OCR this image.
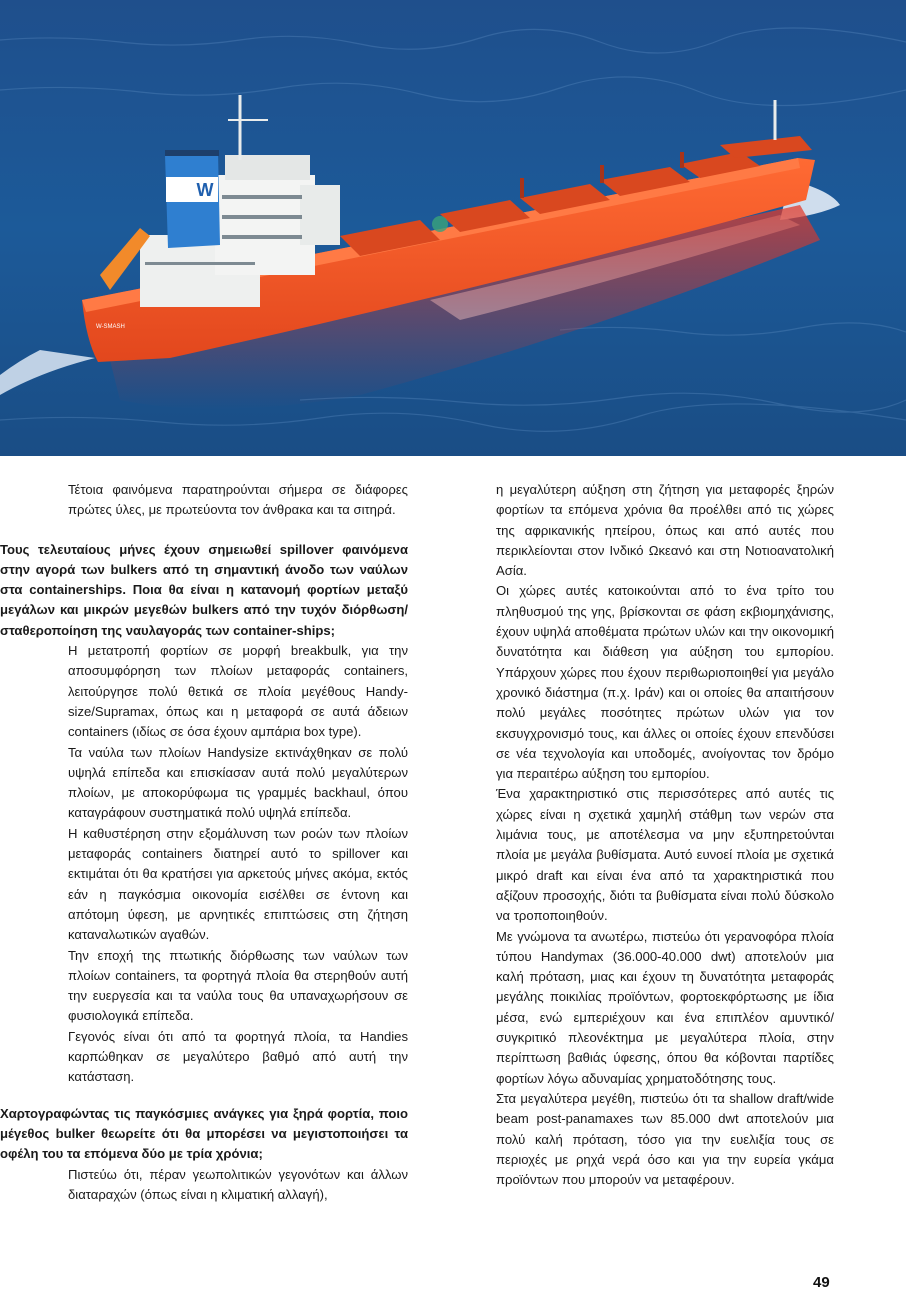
W
W-SMASH

Τέτοια φαινόμενα παρατηρούνται σήμερα σε διάφορες πρώτες ύλες, με πρωτεύοντα τον άνθρακα και τα σιτηρά.

Τους τελευταίους μήνες έχουν σημειωθεί spillover φαινόμενα στην αγορά των bulkers από τη σημαντική άνοδο των ναύλων στα containerships. Ποια θα είναι η κατανομή φορτίων μεταξύ μεγάλων και μικρών μεγεθών bulkers από την τυχόν διόρθωση/σταθεροποίηση της ναυλαγοράς των container-ships;

Η μετατροπή φορτίων σε μορφή breakbulk, για την αποσυμφόρηση των πλοίων μεταφοράς containers, λειτούργησε πολύ θετικά σε πλοία μεγέθους Handy-size/Supramax, όπως και η μεταφορά σε αυτά άδειων containers (ιδίως σε όσα έχουν αμπάρια box type).

Τα ναύλα των πλοίων Handysize εκτινάχθηκαν σε πολύ υψηλά επίπεδα και επισκίασαν αυτά πολύ μεγαλύτερων πλοίων, με αποκορύφωμα τις γραμμές backhaul, όπου καταγράφουν συστηματικά πολύ υψηλά επίπεδα.

Η καθυστέρηση στην εξομάλυνση των ροών των πλοίων μεταφοράς containers διατηρεί αυτό το spillover και εκτιμάται ότι θα κρατήσει για αρκετούς μήνες ακόμα, εκτός εάν η παγκόσμια οικονομία εισέλθει σε έντονη και απότομη ύφεση, με αρνητικές επιπτώσεις στη ζήτηση καταναλωτικών αγαθών.

Την εποχή της πτωτικής διόρθωσης των ναύλων των πλοίων containers, τα φορτηγά πλοία θα στερηθούν αυτή την ευεργεσία και τα ναύλα τους θα υπαναχωρήσουν σε φυσιολογικά επίπεδα.

Γεγονός είναι ότι από τα φορτηγά πλοία, τα Handies καρπώθηκαν σε μεγαλύτερο βαθμό από αυτή την κατάσταση.

Χαρτογραφώντας τις παγκόσμιες ανάγκες για ξηρά φορτία, ποιο μέγεθος bulker θεωρείτε ότι θα μπορέσει να μεγιστοποιήσει τα οφέλη του τα επόμενα δύο με τρία χρόνια;

Πιστεύω ότι, πέραν γεωπολιτικών γεγονότων και άλλων διαταραχών (όπως είναι η κλιματική αλλαγή),

η μεγαλύτερη αύξηση στη ζήτηση για μεταφορές ξηρών φορτίων τα επόμενα χρόνια θα προέλθει από τις χώρες της αφρικανικής ηπείρου, όπως και από αυτές που περικλείονται στον Ινδικό Ωκεανό και στη Νοτιοανατολική Ασία.

Οι χώρες αυτές κατοικούνται από το ένα τρίτο του πληθυσμού της γης, βρίσκονται σε φάση εκβιομηχάνισης, έχουν υψηλά αποθέματα πρώτων υλών και την οικονομική δυνατότητα και διάθεση για αύξηση του εμπορίου. Υπάρχουν χώρες που έχουν περιθωριοποιηθεί για μεγάλο χρονικό διάστημα (π.χ. Ιράν) και οι οποίες θα απαιτήσουν πολύ μεγάλες ποσότητες πρώτων υλών για τον εκσυγχρονισμό τους, και άλλες οι οποίες έχουν επενδύσει σε νέα τεχνολογία και υποδομές, ανοίγοντας τον δρόμο για περαιτέρω αύξηση του εμπορίου.

Ένα χαρακτηριστικό στις περισσότερες από αυτές τις χώρες είναι η σχετικά χαμηλή στάθμη των νερών στα λιμάνια τους, με αποτέλεσμα να μην εξυπηρετούνται πλοία με μεγάλα βυθίσματα. Αυτό ευνοεί πλοία με σχετικά μικρό draft και είναι ένα από τα χαρακτηριστικά που αξίζουν προσοχής, διότι τα βυθίσματα είναι πολύ δύσκολο να τροποποιηθούν.

Με γνώμονα τα ανωτέρω, πιστεύω ότι γερανοφόρα πλοία τύπου Handymax (36.000-40.000 dwt) αποτελούν μια καλή πρόταση, μιας και έχουν τη δυνατότητα μεταφοράς μεγάλης ποικιλίας προϊόντων, φορτοεκφόρτωσης με ίδια μέσα, ενώ εμπεριέχουν και ένα επιπλέον αμυντικό/συγκριτικό πλεονέκτημα με μεγαλύτερα πλοία, στην περίπτωση βαθιάς ύφεσης, όπου θα κόβονται παρτίδες φορτίων λόγω αδυναμίας χρηματοδότησης τους.

Στα μεγαλύτερα μεγέθη, πιστεύω ότι τα shallow draft/wide beam post-panamaxes των 85.000 dwt αποτελούν μια πολύ καλή πρόταση, τόσο για την ευελιξία τους σε περιοχές με ρηχά νερά όσο και για την ευρεία γκάμα προϊόντων που μπορούν να μεταφέρουν.

49
